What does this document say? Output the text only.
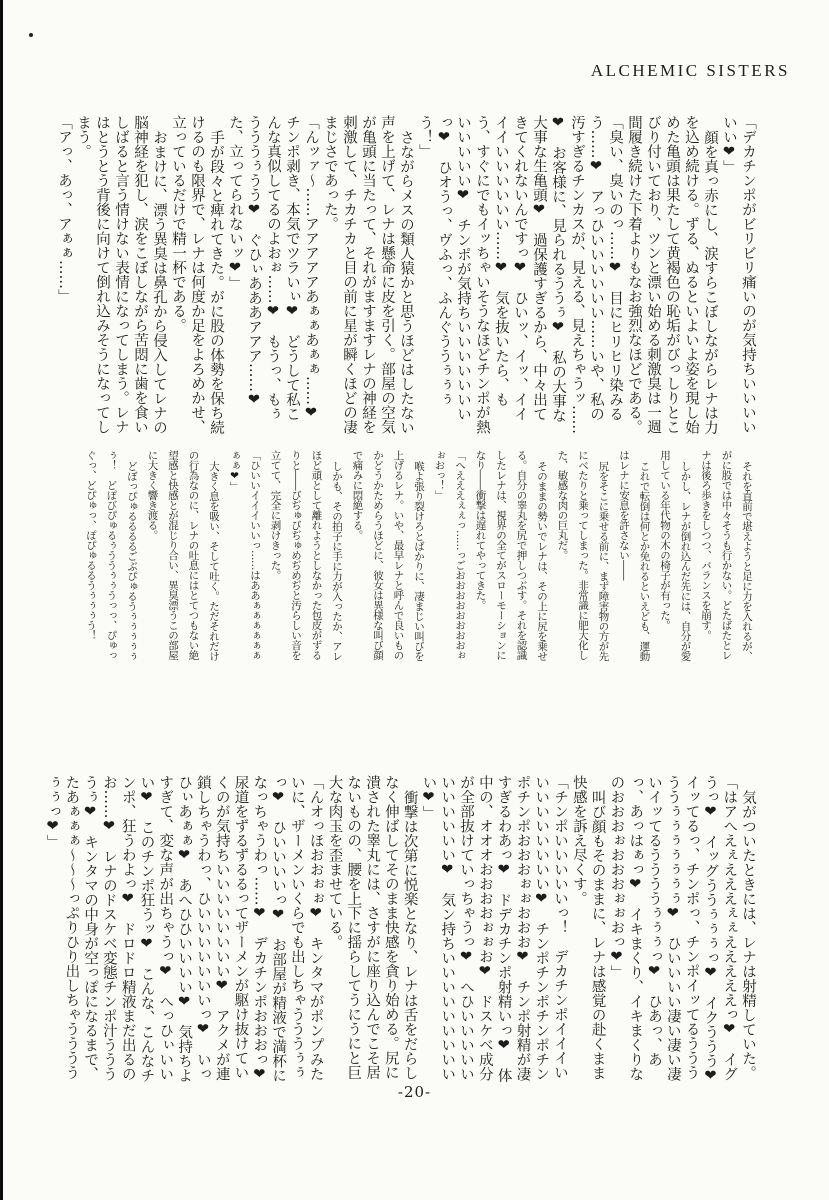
ALCHEMIC SISTERS

「デカチンポがビリビリ痛いのが気持ちいいいいいい❤」

顔を真っ赤にし、涙すらこぼしながらレナは力を込め続ける。ずる、ぬるといよいよ姿を現し始めた亀頭は果たして黄褐色の恥垢がびっしりとこびり付いており、ツンと漂い始める刺激臭は一週間履き続けた下着よりもなお強烈なほどである。

「臭い、臭いのっ……❤　目にヒリヒリ染みるう……❤　アっひいいいいいい……いや、私の汚すぎるチンカスが、見える、見えちゃうッ……❤　お客様に、見られるううぅ❤　私の大事な大事な生亀頭❤　過保護すぎるから、中々出てきてくれないんですっ❤　ひいッ、イッ、イイイイいいいいいい……❤　気を抜いたら、もう、すぐにでもイッちゃいそうなほどチンポが熱いいいいい❤　チンポが気持ちいいいいいいいっ❤　ひオうっ、ヴふっ、ふんぐううぅぅぅう！」

さながらメスの類人猿かと思うほどはしたない声を上げて、レナは懸命に皮を引く。部屋の空気が亀頭に当たって、それがますますレナの神経を刺激して、チカチカと目の前に星が瞬くほどの凄まじさであった。

「んッァ～……アアアアアあぁぁあぁぁ……❤　チンポ剥き、本気でツラいぃ❤　どうして私こんな真似してるのよおぉ……❤　もうっ、もぅうううぅうう❤　ぐひぃあああアアア……❤　た、立ってられないッ❤」

手が段々と痺れてきた。がに股の体勢を保ち続けるのも限界で、レナは何度か足をよろめかせ、立っているだけで精一杯である。

おまけに、漂う異臭は鼻孔から侵入してレナの脳神経を犯し、涙をこぼしながら苦悶に歯を食いしばると言う情けない表情になってしまう。レナはとうとう背後に向けて倒れ込みそうになってしまう。

「アっ、あっ、アぁぁ……」

それを直前で堪えようと足に力を入れるが、がに股では中々そうも行かない。どたばたとレナは後ろ歩きをしつつ、バランスを崩す。

しかし、レナが倒れ込んだ先には、自分が愛用している年代物の木の椅子が有った。

これで転倒は何とか免れるといえども、運動はレナに安息を許さない――

尻をそこに乗せる前に、まず障害物の方が先にべたりと乗ってしまった。非常識に肥大化した、敏感な肉の巨丸だ。

そのままの勢いでレナは、その上に尻を乗せる。自分の睾丸を尻で押しつぶす。それを認識したレナは、視界の全てがスローモーションになり――衝撃は遅れてやってきた。

「へえええぇぇっ……っごおおおおおおおおぉぉおっ！」

喉よ張り裂けろとばかりに、凄まじい叫びを上げるレナ。いや、最早レナと呼んで良いものかどうかためらうほどに、彼女は異様な叫び顔で痛みに悶絶する。

しかも、その拍子に手に力が入ったか、アレほど頑として離れようとしなかった包皮がずるりと――びぢゅびぢゅめぢめぢと汚らしい音を立てて、完全に剥けきった。

「ひいいイイイいいっ……はああぁぁぁぁぁぁぁぁ❤」

大きく息を吸い、そして吐く。ただそれだけの行為なのに、レナの吐息にはとてつもない絶望感と快感とが混じり合い、異臭漂うこの部屋に大きく響き渡る。

どぼっぴゅるるるるごぶぴゅるうぅぅぅぅぅぅ！　どぽびぴゅるぅううぅぅうっっ、ぴゅっぐっ、どぴゅっ、ぽぴゅるるうぅぅぅう！

気がついたときには、レナは射精していた。

「はアへえぇえええぇぇえええええっ❤　イグうっ❤　イッグううぅぅぅっ❤　イクううう❤　イッてるっ、チンポっ、チンポイッてるうううううぅぅぅぅぅぅぅ❤　ひいいいい凄い凄い凄いイッてるううううぅぅぅっ❤　ひあっ、あっ、あっはぁっ❤　イキまくり、イキまくりなのおおおぉおおおぉぉおっ❤」

叫び顔もそのままに、レナは感覚の赴くまま快感を訴え尽くす。

「チンポいいいいいっ！　デカチンポイイイいいいいいいいいい❤　チンポチンポチンポチンポチンポおおおぉぉおおお❤　チンポ射精が凄すぎるわあっ❤　ドデカチンポ射精いっ❤　体中の、オオオおおおおぉぉお❤　ドスケベ成分が全部抜けていっちゃうっ❤　へひいいいいいいいいいいい❤　気ン持ちいいいいいいいいいい❤」

衝撃は次第に悦楽となり、レナは舌をだらしなく伸ばしてそのまま快感を貪り始める。尻に潰された睾丸には、さすがに座り込んでこそ居ないものの、腰を上下に揺らしてうにうにと巨大な肉玉を歪ませている。

「んオっほおおぉぉ❤　キンタマがポンプみたいに、ザーメンいくらでも出しちゃうううぅぅっ❤　ひいいいいっ❤　お部屋が精液で満杯になっちゃうわっ……❤　デカチンポおおおっ❤　尿道をずるずるるってザーメンが駆け抜けていくのが気持ちいいいいいいいい❤　アクメが連鎖しちゃうわっ、ひいいいいいいいっ❤　いっひぃあぁぁ❤　あへひひいいいい❤　気持ちよすぎて、変な声が出ちゃうっ❤　へっひぃいいい❤　このチンポ狂うッ❤　こんな、こんなチンポ、狂うわよっ❤　ドロドロ精液まだ出るのお……❤　レナのドスケベ変態チンポ汁ううううぅ❤　キンタマの中身が空っぽになるまで、たあぁぁぁ～～～っぷりひり出しちゃううううぅぅっ❤」

-20-
